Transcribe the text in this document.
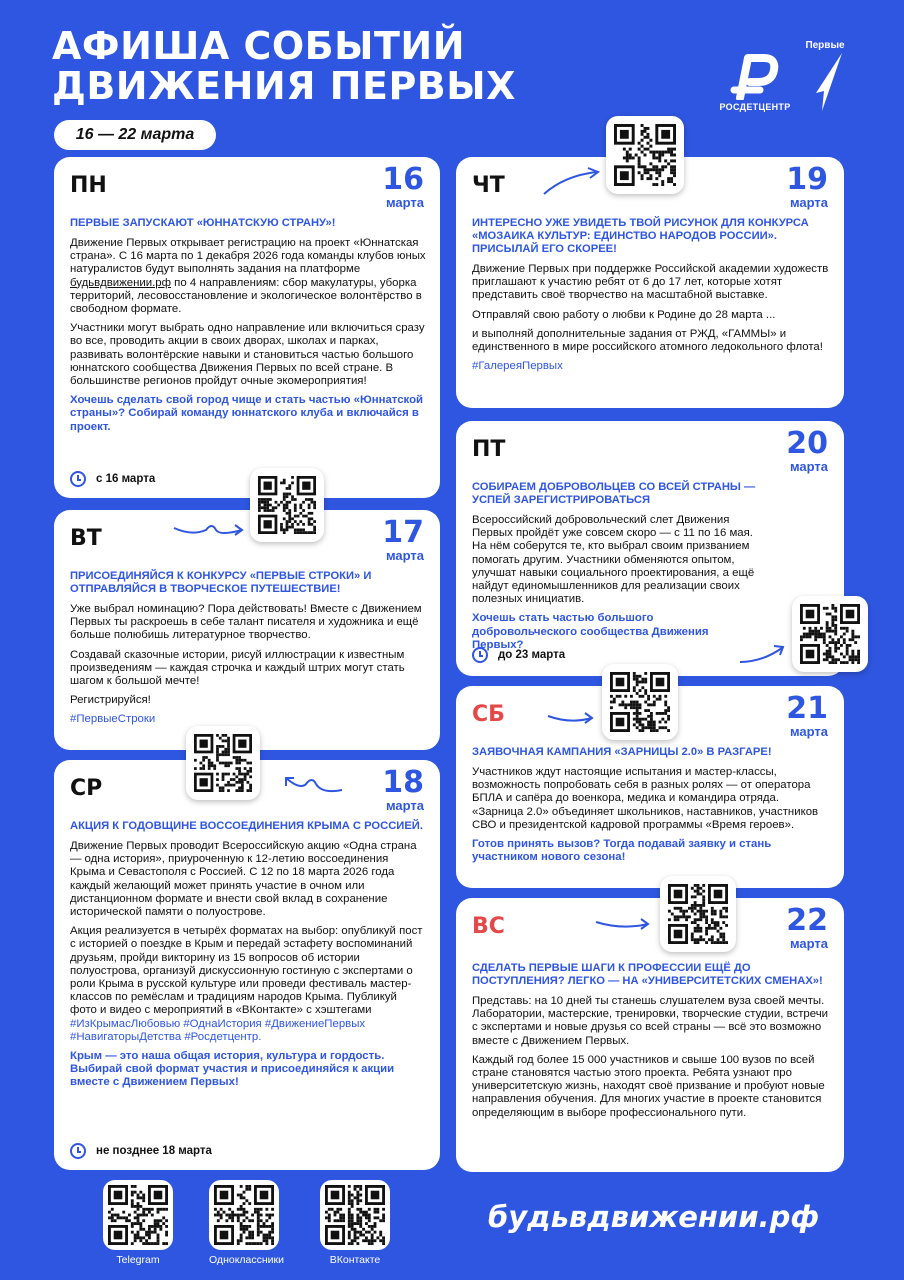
АФИША СОБЫТИЙ
ДВИЖЕНИЯ ПЕРВЫХ
16 — 22 марта
РОСДЕТЦЕНТР
Первые
ПН	16
марта
ПЕРВЫЕ ЗАПУСКАЮТ «ЮННАТСКУЮ СТРАНУ»!

Движение Первых открывает регистрацию на проект «Юннатская страна». С 16 марта по 1 декабря 2026 года команды клубов юных натуралистов будут выполнять задания на платформе будьвдвижении.рф по 4 направлениям: сбор макулатуры, уборка территорий, лесовосстановление и экологическое волонтёрство в свободном формате.

Участники могут выбрать одно направление или включиться сразу во все, проводить акции в своих дворах, школах и парках, развивать волонтёрские навыки и становиться частью большого юннатского сообщества Движения Первых по всей стране. В большинстве регионов пройдут очные экомероприятия!

Хочешь сделать свой город чище и стать частью «Юннатской страны»? Собирай команду юннатского клуба и включайся в проект.

с 16 марта
ВТ	17
марта
ПРИСОЕДИНЯЙСЯ К КОНКУРСУ «ПЕРВЫЕ СТРОКИ» И ОТПРАВЛЯЙСЯ В ТВОРЧЕСКОЕ ПУТЕШЕСТВИЕ!

Уже выбрал номинацию? Пора действовать! Вместе с Движением Первых ты раскроешь в себе талант писателя и художника и ещё больше полюбишь литературное творчество.

Создавай сказочные истории, рисуй иллюстрации к известным произведениям — каждая строчка и каждый штрих могут стать шагом к большой мечте!

Регистрируйся!

#ПервыеСтроки

СР	18
марта
АКЦИЯ К ГОДОВЩИНЕ ВОССОЕДИНЕНИЯ КРЫМА С РОССИЕЙ.

Движение Первых проводит Всероссийскую акцию «Одна страна — одна история», приуроченную к 12-летию воссоединения Крыма и Севастополя с Россией. С 12 по 18 марта 2026 года каждый желающий может принять участие в очном или дистанционном формате и внести свой вклад в сохранение исторической памяти о полуострове.

Акция реализуется в четырёх форматах на выбор: опубликуй пост с историей о поездке в Крым и передай эстафету воспоминаний друзьям, пройди викторину из 15 вопросов об истории полуострова, организуй дискуссионную гостиную с экспертами о роли Крыма в русской культуре или проведи фестиваль мастер-классов по ремёслам и традициям народов Крыма. Публикуй фото и видео с мероприятий в «ВКонтакте» с хэштегами #ИзКрымасЛюбовью #ОднаИстория #ДвижениеПервых #НавигаторыДетства #Росдетцентр.

Крым — это наша общая история, культура и гордость. Выбирай свой формат участия и присоединяйся к акции вместе с Движением Первых!

не позднее 18 марта
ЧТ	19
марта
ИНТЕРЕСНО УЖЕ УВИДЕТЬ ТВОЙ РИСУНОК ДЛЯ КОНКУРСА «МОЗАИКА КУЛЬТУР: ЕДИНСТВО НАРОДОВ РОССИИ». ПРИСЫЛАЙ ЕГО СКОРЕЕ!

Движение Первых при поддержке Российской академии художеств приглашают к участию ребят от 6 до 17 лет, которые хотят представить своё творчество на масштабной выставке.

Отправляй свою работу о любви к Родине до 28 марта ...

и выполняй дополнительные задания от РЖД, «ГАММЫ» и единственного в мире российского атомного ледокольного флота!

#ГалереяПервых

ПТ	20
марта
СОБИРАЕМ ДОБРОВОЛЬЦЕВ СО ВСЕЙ СТРАНЫ — УСПЕЙ ЗАРЕГИСТРИРОВАТЬСЯ

Всероссийский добровольческий слет Движения Первых пройдёт уже совсем скоро — с 11 по 16 мая. На нём соберутся те, кто выбрал своим призванием помогать другим. Участники обменяются опытом, улучшат навыки социального проектирования, а ещё найдут единомышленников для реализации своих полезных инициатив.

Хочешь стать частью большого добровольческого сообщества Движения Первых?

до 23 марта
СБ	21
марта
ЗАЯВОЧНАЯ КАМПАНИЯ «ЗАРНИЦЫ 2.0» В РАЗГАРЕ!

Участников ждут настоящие испытания и мастер-классы, возможность попробовать себя в разных ролях — от оператора БПЛА и сапёра до военкора, медика и командира отряда. «Зарница 2.0» объединяет школьников, наставников, участников СВО и президентской кадровой программы «Время героев».

Готов принять вызов? Тогда подавай заявку и стань участником нового сезона!

ВС	22
марта
СДЕЛАТЬ ПЕРВЫЕ ШАГИ К ПРОФЕССИИ ЕЩЁ ДО ПОСТУПЛЕНИЯ? ЛЕГКО — НА «УНИВЕРСИТЕТСКИХ СМЕНАХ»!

Представь: на 10 дней ты станешь слушателем вуза своей мечты. Лаборатории, мастерские, тренировки, творческие студии, встречи с экспертами и новые друзья со всей страны — всё это возможно вместе с Движением Первых.

Каждый год более 15 000 участников и свыше 100 вузов по всей стране становятся частью этого проекта. Ребята узнают про университетскую жизнь, находят своё призвание и пробуют новые направления обучения. Для многих участие в проекте становится определяющим в выборе профессионального пути.

Telegram	Одноклассники	ВКонтакте
будьвдвижении.рф
